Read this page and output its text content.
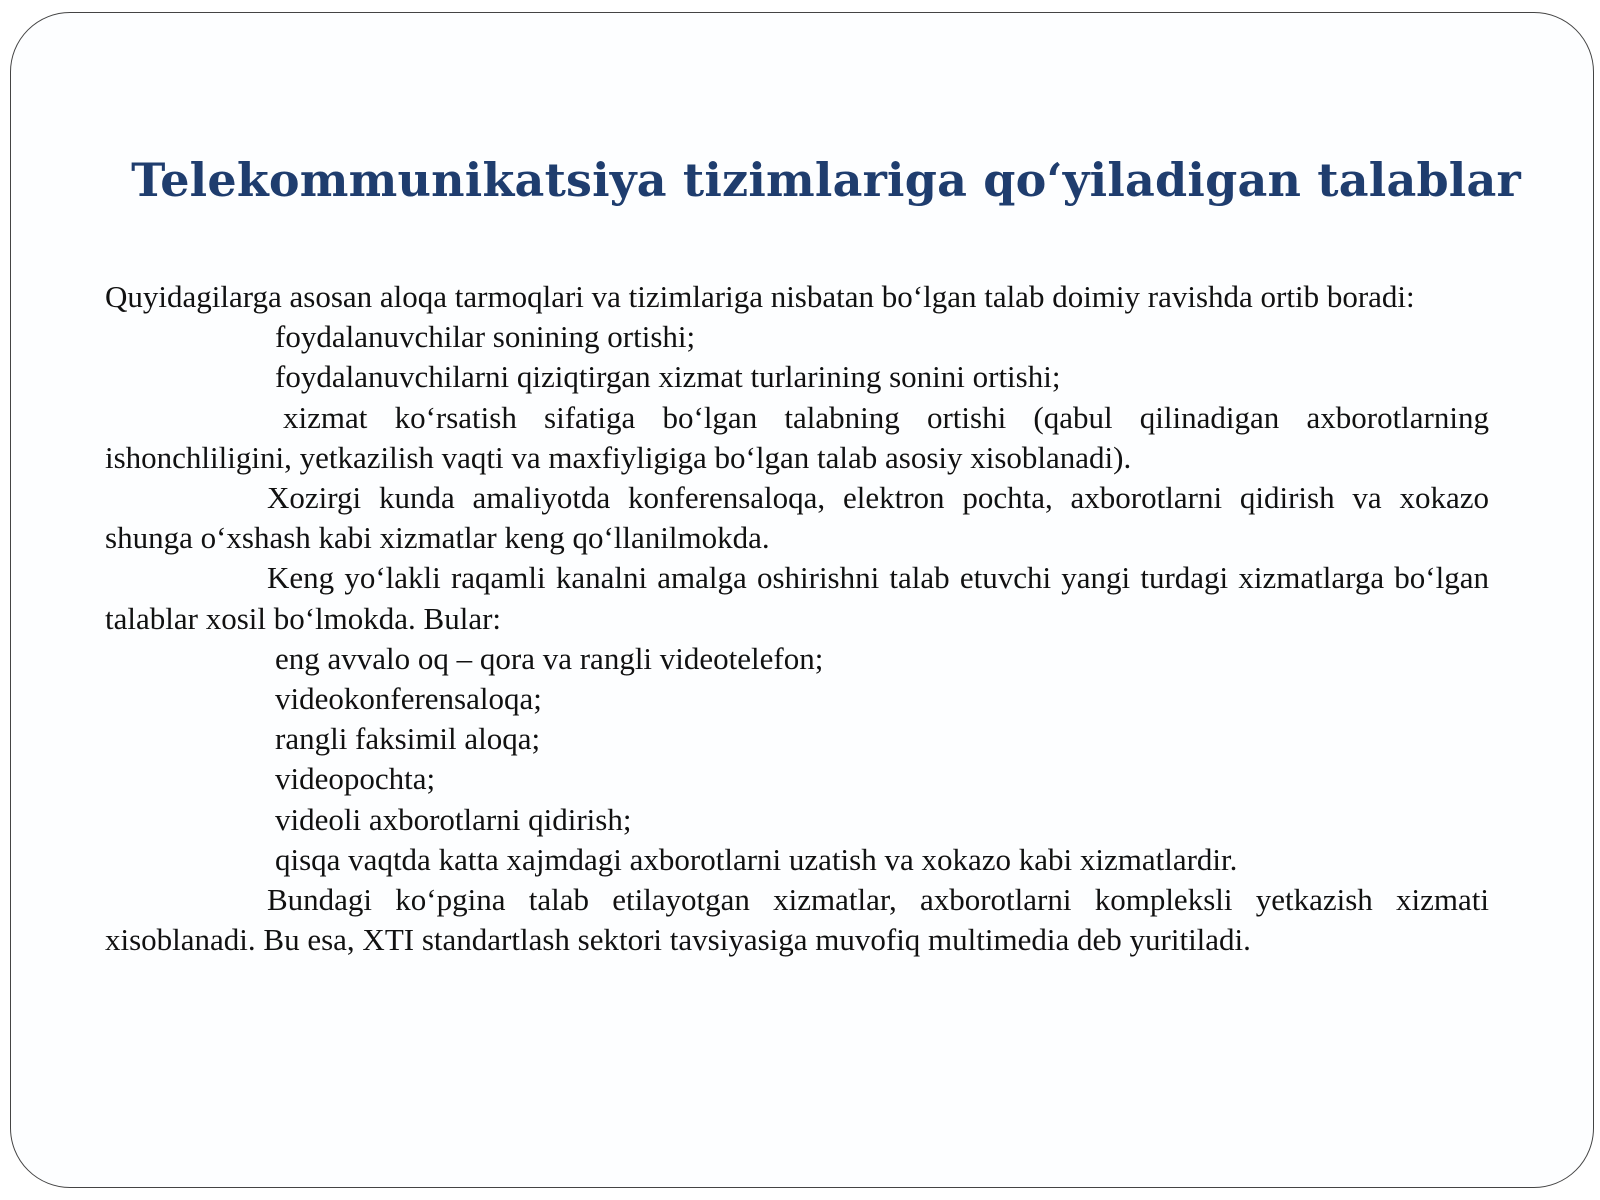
Telekommunikatsiya tizimlariga qo‘yiladigan talablar

Quyidagilarga asosan aloqa tarmoqlari va tizimlariga nisbatan bo‘lgan talab doimiy ravishda ortib boradi:

foydalanuvchilar sonining ortishi;

foydalanuvchilarni qiziqtirgan xizmat turlarining sonini ortishi;

xizmat ko‘rsatish sifatiga bo‘lgan talabning ortishi (qabul qilinadigan axborotlarning ishonchliligini, yetkazilish vaqti va maxfiyligiga bo‘lgan talab asosiy xisoblanadi).

Xozirgi kunda amaliyotda konferensaloqa, elektron pochta, axborotlarni qidirish va xokazo shunga o‘xshash kabi xizmatlar keng qo‘llanilmokda.

Keng yo‘lakli raqamli kanalni amalga oshirishni talab etuvchi yangi turdagi xizmatlarga bo‘lgan talablar xosil bo‘lmokda. Bular:

eng avvalo oq – qora va rangli videotelefon;

videokonferensaloqa;

rangli faksimil aloqa;

videopochta;

videoli axborotlarni qidirish;

qisqa vaqtda katta xajmdagi axborotlarni uzatish va xokazo kabi xizmatlardir.

Bundagi ko‘pgina talab etilayotgan xizmatlar, axborotlarni kompleksli yetkazish xizmati xisoblanadi. Bu esa, XTI standartlash sektori tavsiyasiga muvofiq multimedia deb yuritiladi.
